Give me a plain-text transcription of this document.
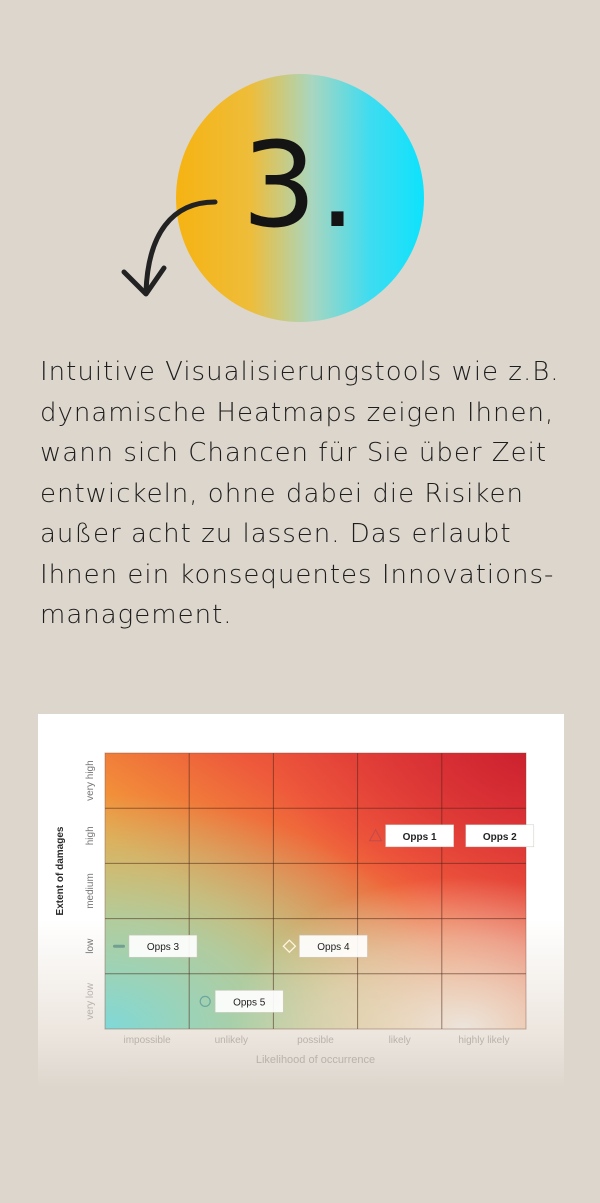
3.

Intuitive Visualisierungstools wie z.B.
dynamische Heatmaps zeigen Ihnen,
wann sich Chancen für Sie über Zeit
entwickeln, ohne dabei die Risiken
außer acht zu lassen. Das erlaubt
Ihnen ein konsequentes Innovations-
management.

impossible	unlikely	possible	likely	highly likely
very low
low
medium
high
very high
Likelihood of occurrence
Extent of damages	Opps 1	Opps 2
Opps 3	Opps 4
Opps 5
